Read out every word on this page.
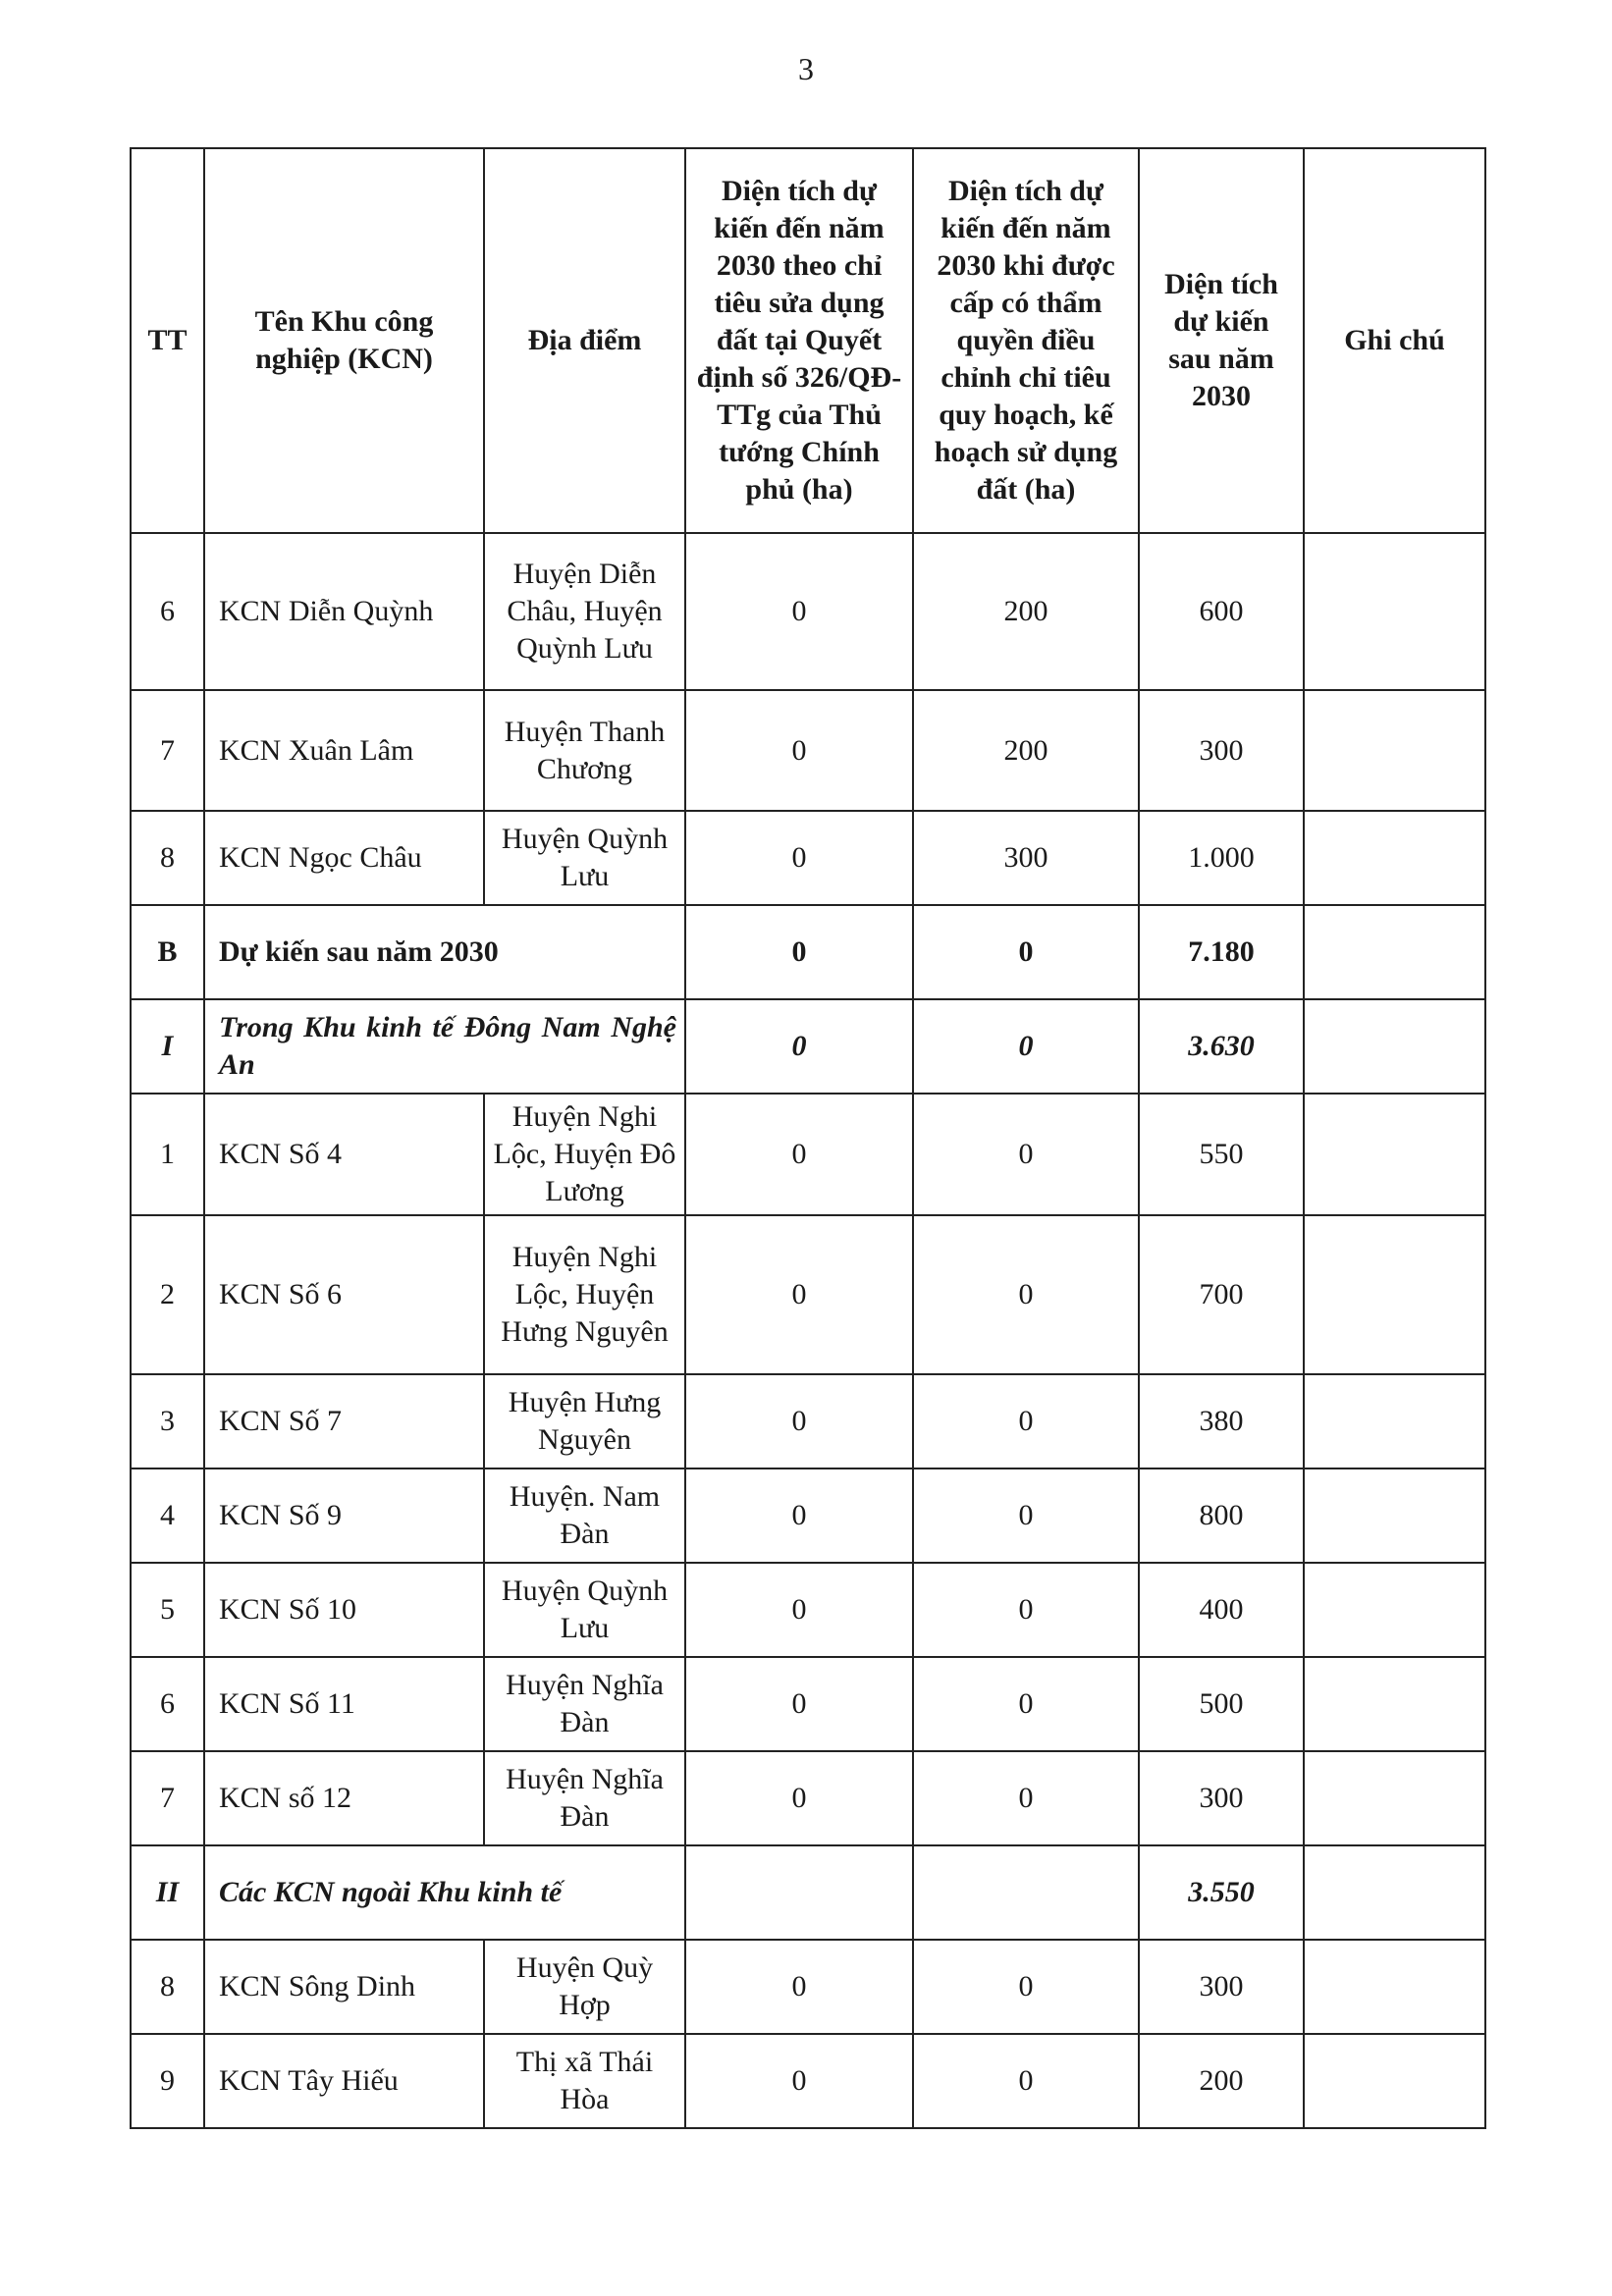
3
TT	Tên Khu công nghiệp (KCN)	Địa điểm	Diện tích dự kiến đến năm 2030 theo chỉ tiêu sửa dụng đất tại Quyết định số 326/QĐ-TTg của Thủ tướng Chính phủ (ha)	Diện tích dự kiến đến năm 2030 khi được cấp có thẩm quyền điều chỉnh chỉ tiêu quy hoạch, kế hoạch sử dụng đất (ha)	Diện tích dự kiến sau năm 2030	Ghi chú
6	KCN Diễn Quỳnh	Huyện Diễn Châu, Huyện Quỳnh Lưu	0	200	600	
7	KCN Xuân Lâm	Huyện Thanh Chương	0	200	300	
8	KCN Ngọc Châu	Huyện Quỳnh Lưu	0	300	1.000	
B	Dự kiến sau năm 2030		0	0	7.180	
I	Trong Khu kinh tế Đông Nam Nghệ An		0	0	3.630	
1	KCN Số 4	Huyện Nghi Lộc, Huyện Đô Lương	0	0	550	
2	KCN Số 6	Huyện Nghi Lộc, Huyện Hưng Nguyên	0	0	700	
3	KCN Số 7	Huyện Hưng Nguyên	0	0	380	
4	KCN Số 9	Huyện. Nam Đàn	0	0	800	
5	KCN Số 10	Huyện Quỳnh Lưu	0	0	400	
6	KCN Số 11	Huyện Nghĩa Đàn	0	0	500	
7	KCN số 12	Huyện Nghĩa Đàn	0	0	300	
II	Các KCN ngoài Khu kinh tế				3.550	
8	KCN Sông Dinh	Huyện Quỳ Hợp	0	0	300	
9	KCN Tây Hiếu	Thị xã Thái Hòa	0	0	200	
